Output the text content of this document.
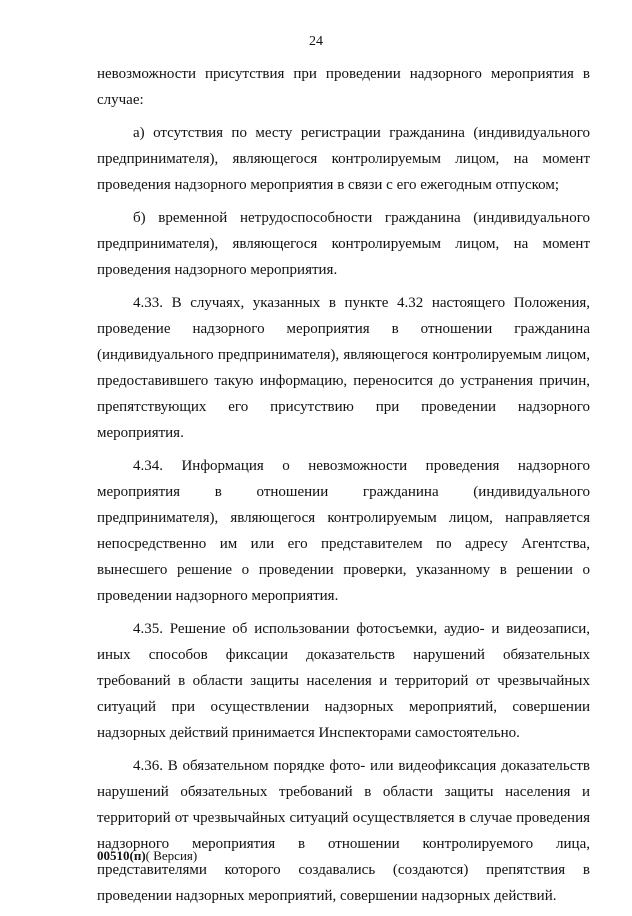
24

невозможности присутствия при проведении надзорного мероприятия в случае:

а) отсутствия по месту регистрации гражданина (индивидуального предпринимателя), являющегося контролируемым лицом, на момент проведения надзорного мероприятия в связи с его ежегодным отпуском;

б) временной нетрудоспособности гражданина (индивидуального предпринимателя), являющегося контролируемым лицом, на момент проведения надзорного мероприятия.

4.33. В случаях, указанных в пункте 4.32 настоящего Положения, проведение надзорного мероприятия в отношении гражданина (индивидуального предпринимателя), являющегося контролируемым лицом, предоставившего такую информацию, переносится до устранения причин, препятствующих его присутствию при проведении надзорного мероприятия.

4.34. Информация о невозможности проведения надзорного мероприятия в отношении гражданина (индивидуального предпринимателя), являющегося контролируемым лицом, направляется непосредственно им или его представителем по адресу Агентства, вынесшего решение о проведении проверки, указанному в решении о проведении надзорного мероприятия.

4.35. Решение об использовании фотосъемки, аудио- и видеозаписи, иных способов фиксации доказательств нарушений обязательных требований в области защиты населения и территорий от чрезвычайных ситуаций при осуществлении надзорных мероприятий, совершении надзорных действий принимается Инспекторами самостоятельно.

4.36. В обязательном порядке фото- или видеофиксация доказательств нарушений обязательных требований в области защиты населения и территорий от чрезвычайных ситуаций осуществляется в случае проведения надзорного мероприятия в отношении контролируемого лица, представителями которого создавались (создаются) препятствия в проведении надзорных мероприятий, совершении надзорных действий.

00510(п)( Версия)
